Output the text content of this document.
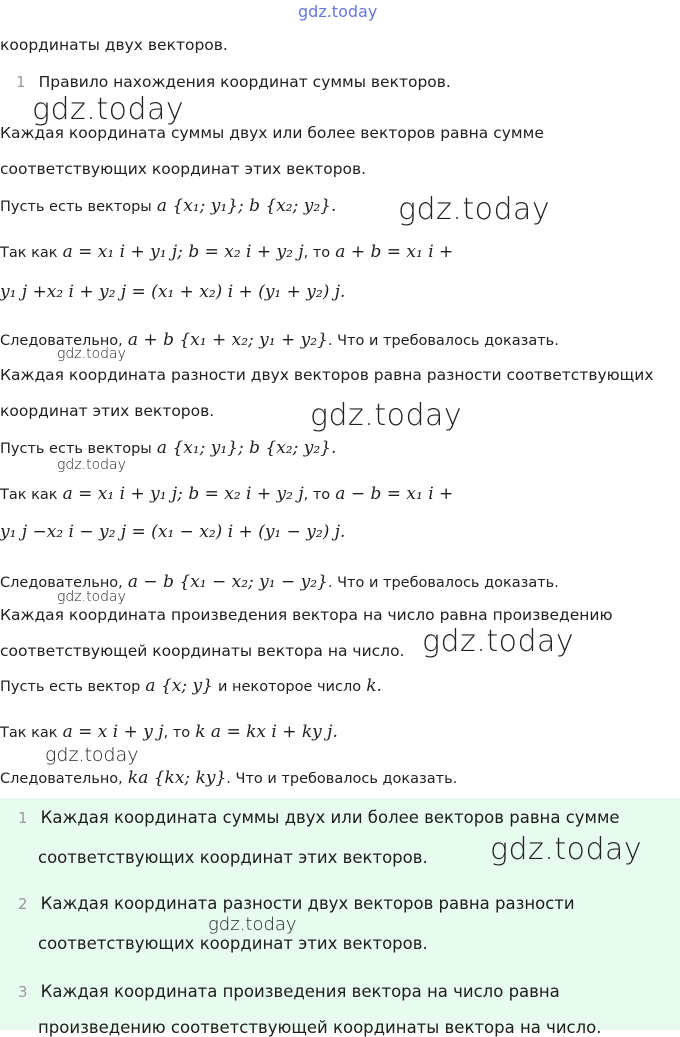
gdz.today
координаты двух векторов.
1 Правило нахождения координат суммы векторов.
gdz.today
Каждая координата суммы двух или более векторов равна сумме
соответствующих координат этих векторов.
Пусть есть векторы a {x₁; y₁}; b {x₂; y₂}. gdz.today
Так как a = x₁ i + y₁ j; b = x₂ i + y₂ j, то a + b = x₁ i +
y₁ j +x₂ i + y₂ j = (x₁ + x₂) i + (y₁ + y₂) j.
Следовательно, a + b {x₁ + x₂; y₁ + y₂}. Что и требовалось доказать.
gdz.today
Каждая координата разности двух векторов равна разности соответствующих
координат этих векторов.	gdz.today
Пусть есть векторы a {x₁; y₁}; b {x₂; y₂}.
gdz.today
Так как a = x₁ i + y₁ j; b = x₂ i + y₂ j, то a − b = x₁ i +
y₁ j −x₂ i − y₂ j = (x₁ − x₂) i + (y₁ − y₂) j.
Следовательно, a − b {x₁ − x₂; y₁ − y₂}. Что и требовалось доказать.
gdz.today
Каждая координата произведения вектора на число равна произведению
соответствующей координаты вектора на число. gdz.today
Пусть есть вектор a {x; y} и некоторое число k.
Так как a = x i + y j, то k a = kx i + ky j.
gdz.today
Следовательно, ka {kx; ky}. Что и требовалось доказать.
1 Каждая координата суммы двух или более векторов равна сумме
соответствующих координат этих векторов. gdz.today
2 Каждая координата разности двух векторов равна разности
соответствующих координат этих векторов.
gdz.today
3 Каждая координата произведения вектора на число равна
произведению соответствующей координаты вектора на число.
